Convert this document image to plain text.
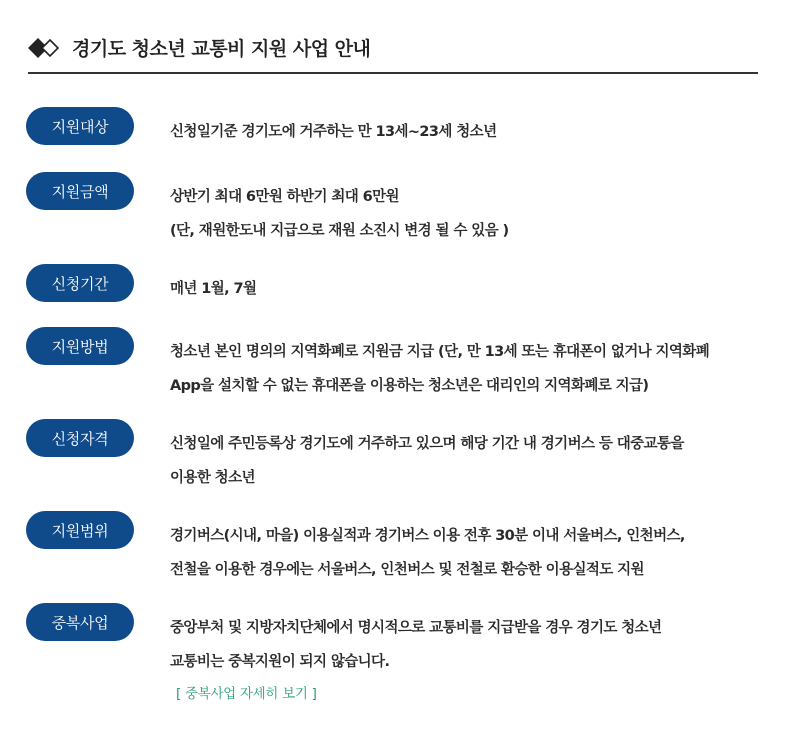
경기도 청소년 교통비 지원 사업 안내
지원대상	신청일기준 경기도에 거주하는 만 13세~23세 청소년
지원금액	상반기 최대 6만원 하반기 최대 6만원
(단, 재원한도내 지급으로 재원 소진시 변경 될 수 있음 )
신청기간	매년 1월, 7월
지원방법	청소년 본인 명의의 지역화폐로 지원금 지급 (단, 만 13세 또는 휴대폰이 없거나 지역화폐
App을 설치할 수 없는 휴대폰을 이용하는 청소년은 대리인의 지역화폐로 지급)
신청자격	신청일에 주민등록상 경기도에 거주하고 있으며 해당 기간 내 경기버스 등 대중교통을
이용한 청소년
지원범위	경기버스(시내, 마을) 이용실적과 경기버스 이용 전후 30분 이내 서울버스, 인천버스,
전철을 이용한 경우에는 서울버스, 인천버스 및 전철로 환승한 이용실적도 지원
중복사업	중앙부처 및 지방자치단체에서 명시적으로 교통비를 지급받을 경우 경기도 청소년
교통비는 중복지원이 되지 않습니다.
[ 중복사업 자세히 보기 ]
